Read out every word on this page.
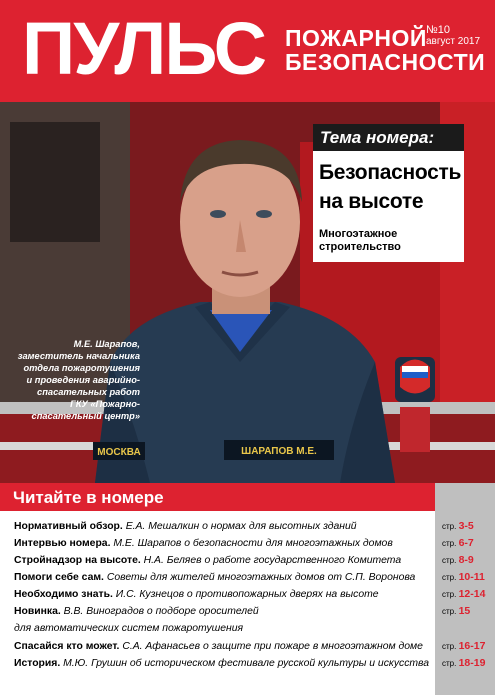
ПУЛЬС ПОЖАРНОЙ
БЕЗОПАСНОСТИ
№10
август 2017
МОСКВА	ШАРАПОВ М.Е.
Тема номера:
Безопасность
на высоте
Многоэтажное
строительство
М.Е. Шарапов,
заместитель начальника
отдела пожаротушения
и проведения аварийно-
спасательных работ
ГКУ «Пожарно-
спасательный центр»
Читайте в номере
Нормативный обзор. Е.А. Мешалкин о нормах для высотных зданий
Интервью номера. М.Е. Шарапов о безопасности для многоэтажных домов
Стройнадзор на высоте. Н.А. Беляев о работе государственного Комитета
Помоги себе сам. Советы для жителей многоэтажных домов от С.П. Воронова
Необходимо знать. И.С. Кузнецов о противопожарных дверях на высоте
Новинка. В.В. Виноградов о подборе оросителей
для автоматических систем пожаротушения
Спасайся кто может. С.А. Афанасьев о защите при пожаре в многоэтажном доме
История. М.Ю. Грушин об историческом фестивале русской культуры и искусства
стр. 3-5
стр. 6-7
стр. 8-9
стр. 10-11
стр. 12-14
стр. 15
стр. 16-17
стр. 18-19
